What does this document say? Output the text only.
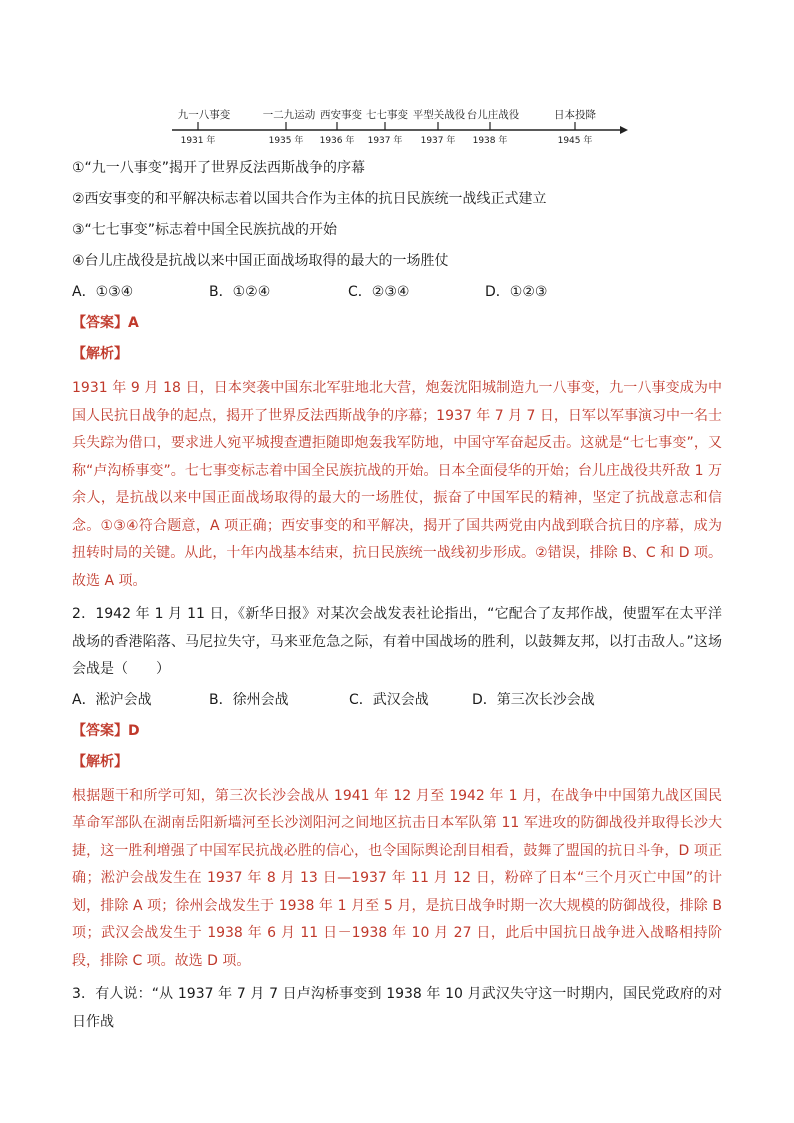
九一八事变
1931 年
一二九运动
1935 年
西安事变
1936 年
七七事变
1937 年
平型关战役
1937 年
台儿庄战役
1938 年
日本投降
1945 年
①“九一八事变”揭开了世界反法西斯战争的序幕
②西安事变的和平解决标志着以国共合作为主体的抗日民族统一战线正式建立
③“七七事变”标志着中国全民族抗战的开始
④台儿庄战役是抗战以来中国正面战场取得的最大的一场胜仗
A．①③④	B．①②④	C．②③④	D．①②③
【答案】A
【解析】
1931 年 9 月 18 日，日本突袭中国东北军驻地北大营，炮轰沈阳城制造九一八事变，九一八事变成为中国人民抗日战争的起点，揭开了世界反法西斯战争的序幕；1937 年 7 月 7 日，日军以军事演习中一名士兵失踪为借口，要求进人宛平城搜查遭拒随即炮轰我军防地，中国守军奋起反击。这就是“七七事变”，又称“卢沟桥事变”。七七事变标志着中国全民族抗战的开始。日本全面侵华的开始；台儿庄战役共歼敌 1 万余人，是抗战以来中国正面战场取得的最大的一场胜仗，振奋了中国军民的精神，坚定了抗战意志和信念。①③④符合题意，A 项正确；西安事变的和平解决，揭开了国共两党由内战到联合抗日的序幕，成为扭转时局的关键。从此，十年内战基本结束，抗日民族统一战线初步形成。②错误，排除 B、C 和 D 项。故选 A 项。
2．1942 年 1 月 11 日，《新华日报》对某次会战发表社论指出，“它配合了友邦作战，使盟军在太平洋战场的香港陷落、马尼拉失守，马来亚危急之际，有着中国战场的胜利，以鼓舞友邦，以打击敌人。”这场会战是（　　）
A．淞沪会战	B．徐州会战	C．武汉会战	D．第三次长沙会战
【答案】D
【解析】
根据题干和所学可知，第三次长沙会战从 1941 年 12 月至 1942 年 1 月，在战争中中国第九战区国民革命军部队在湖南岳阳新墙河至长沙浏阳河之间地区抗击日本军队第 11 军进攻的防御战役并取得长沙大捷，这一胜利增强了中国军民抗战必胜的信心，也令国际舆论刮目相看，鼓舞了盟国的抗日斗争，D 项正确；淞沪会战发生在 1937 年 8 月 13 日—1937 年 11 月 12 日，粉碎了日本“三个月灭亡中国”的计划，排除 A 项；徐州会战发生于 1938 年 1 月至 5 月，是抗日战争时期一次大规模的防御战役，排除 B 项；武汉会战发生于 1938 年 6 月 11 日－1938 年 10 月 27 日，此后中国抗日战争进入战略相持阶段，排除 C 项。故选 D 项。
3．有人说：“从 1937 年 7 月 7 日卢沟桥事变到 1938 年 10 月武汉失守这一时期内，国民党政府的对日作战
